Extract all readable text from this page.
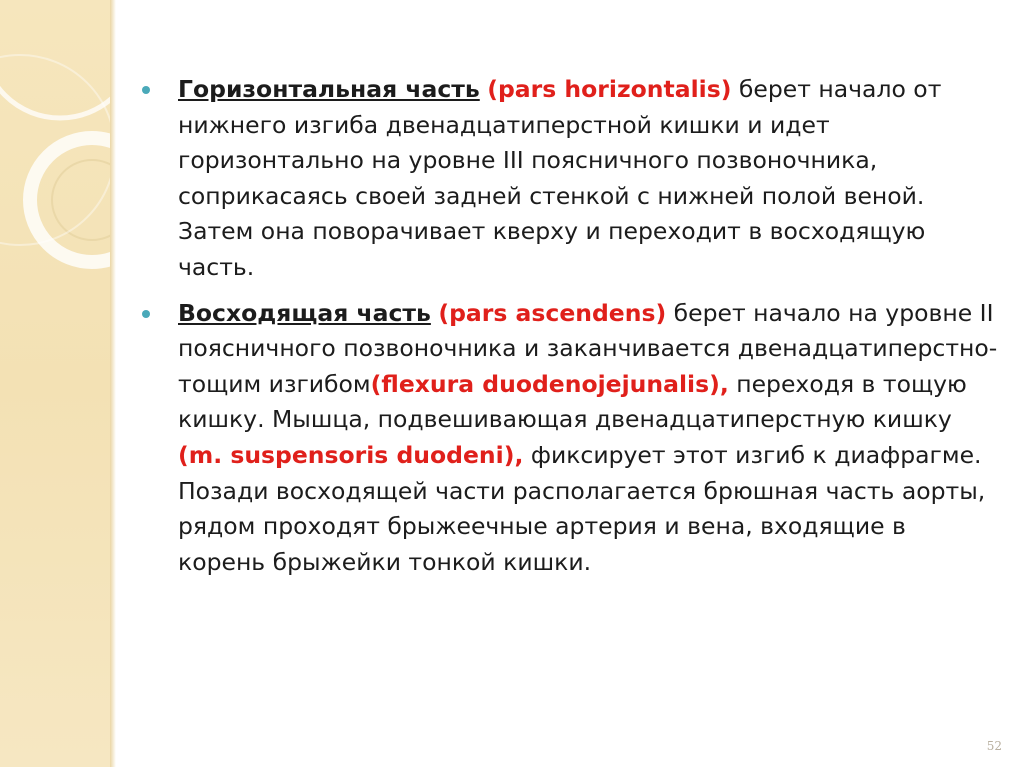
Горизонтальная часть (pars horizontalis) берет начало от нижнего изгиба двенадцатиперстной кишки и идет горизонтально на уровне III поясничного позвоночника, соприкасаясь своей задней стенкой с нижней полой веной. Затем она поворачивает кверху и переходит в восходящую часть.

Восходящая часть (pars ascendens) берет начало на уровне II поясничного позвоночника и заканчивается двенадцатиперстно-тощим изгибом(flexura duodenojejunalis), переходя в тощую кишку. Мышца, подвешивающая двенадцатиперстную кишку (m. suspensoris duodeni), фиксирует этот изгиб к диафрагме. Позади восходящей части располагается брюшная часть аорты, рядом проходят брыжеечные артерия и вена, входящие в корень брыжейки тонкой кишки.

52
